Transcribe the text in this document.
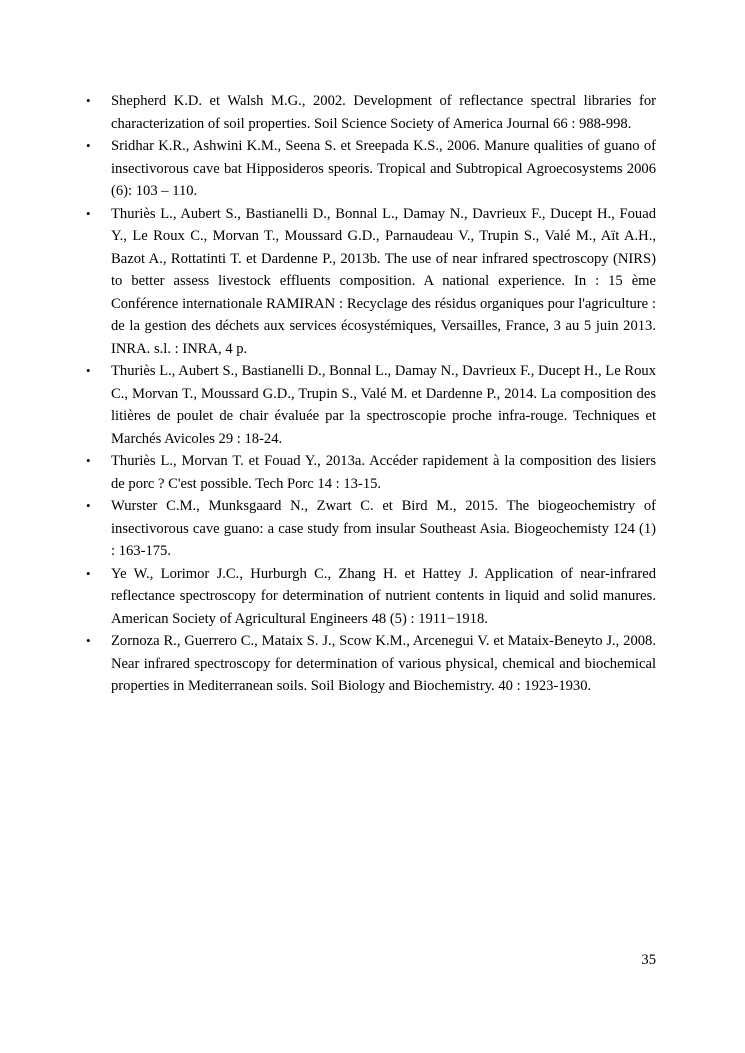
• Shepherd K.D. et Walsh M.G., 2002. Development of reflectance spectral libraries for characterization of soil properties. Soil Science Society of America Journal 66 : 988-998.
• Sridhar K.R., Ashwini K.M., Seena S. et Sreepada K.S., 2006. Manure qualities of guano of insectivorous cave bat Hipposideros speoris. Tropical and Subtropical Agroecosystems 2006 (6): 103 – 110.
• Thuriès L., Aubert S., Bastianelli D., Bonnal L., Damay N., Davrieux F., Ducept H., Fouad Y., Le Roux C., Morvan T., Moussard G.D., Parnaudeau V., Trupin S., Valé M., Aït A.H., Bazot A., Rottatinti T. et Dardenne P., 2013b. The use of near infrared spectroscopy (NIRS) to better assess livestock effluents composition. A national experience. In : 15 ème Conférence internationale RAMIRAN : Recyclage des résidus organiques pour l'agriculture : de la gestion des déchets aux services écosystémiques, Versailles, France, 3 au 5 juin 2013. INRA. s.l. : INRA, 4 p.
• Thuriès L., Aubert S., Bastianelli D., Bonnal L., Damay N., Davrieux F., Ducept H., Le Roux C., Morvan T., Moussard G.D., Trupin S., Valé M. et Dardenne P., 2014. La composition des litières de poulet de chair évaluée par la spectroscopie proche infra-rouge. Techniques et Marchés Avicoles 29 : 18-24.
• Thuriès L., Morvan T. et Fouad Y., 2013a. Accéder rapidement à la composition des lisiers de porc ? C'est possible. Tech Porc 14 : 13-15.
• Wurster C.M., Munksgaard N., Zwart C. et Bird M., 2015. The biogeochemistry of insectivorous cave guano: a case study from insular Southeast Asia. Biogeochemisty 124 (1) : 163-175.
• Ye W., Lorimor J.C., Hurburgh C., Zhang H. et Hattey J. Application of near-infrared reflectance spectroscopy for determination of nutrient contents in liquid and solid manures. American Society of Agricultural Engineers 48 (5) : 1911−1918.
• Zornoza R., Guerrero C., Mataix S. J., Scow K.M., Arcenegui V. et Mataix-Beneyto J., 2008. Near infrared spectroscopy for determination of various physical, chemical and biochemical properties in Mediterranean soils. Soil Biology and Biochemistry. 40 : 1923-1930.
35
